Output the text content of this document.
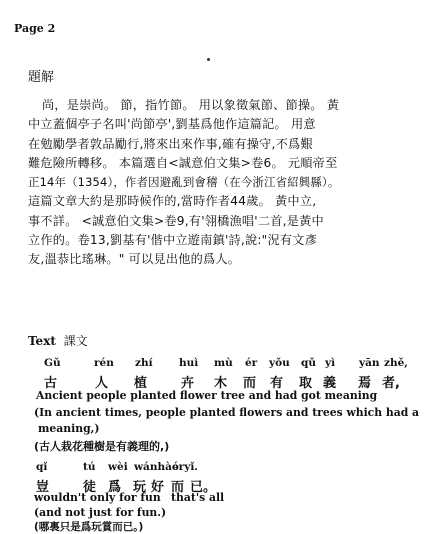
Page 2
題解
尚，是崇尚。 節，指竹節。 用以象徵氣節、節操。 黃
中立蓋個亭子名叫'尚節亭',劉基爲他作這篇記。 用意
在勉勵學者敦品勵行,將來出來作事,確有操守,不爲艱
難危險所轉移。 本篇選自<誠意伯文集>卷6。 元順帝至
正14年（1354），作者因避亂到會稽（在今浙江省紹興縣）。
這篇文章大約是那時候作的,當時作者44歲。 黃中立,
事不詳。 <誠意伯文集>卷9,有'翎橋漁唱'二首,是黃中
立作的。卷13,劉基有'偕中立遊南鎮'詩,說:"況有文彥
友,溫恭比瑤琳。" 可以見出他的爲人。
Text 課文
Gǔ	rén zhí	huì mù ér yǒu qǔ yì yān zhě,
古	人 植	卉 木 而 有 取 義 焉 者,
Ancient people planted flower tree and had got meaning
(In ancient times, people planted flowers and trees which had a
meaning,)
(古人栽花種樹是有義理的,)
qǐ	tú wèi wánhào
éryǐ.
豈	徒 爲 玩 好 而 已。
wouldn't only for fun that's all
(and not just for fun.)
(哪裏只是爲玩賞而已。)
